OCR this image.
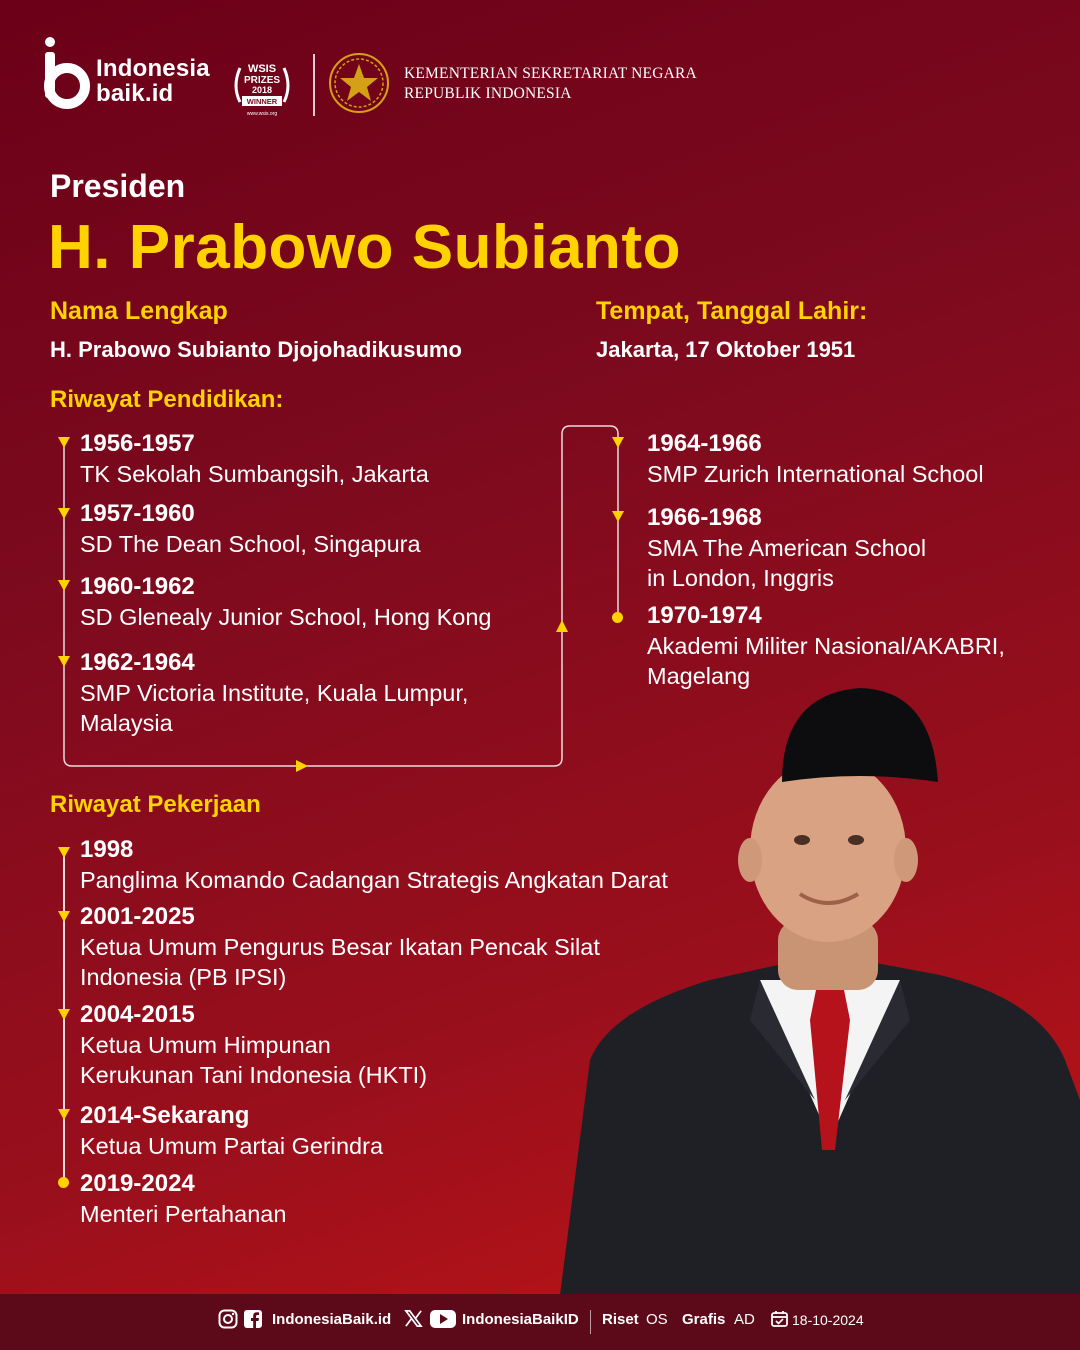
Indonesia
baik.id
WSIS
PRIZES
2018
WINNER
www.wsis.org
KEMENTERIAN SEKRETARIAT NEGARA
REPUBLIK INDONESIA
Presiden
H. Prabowo Subianto
Nama Lengkap
H. Prabowo Subianto Djojohadikusumo
Tempat, Tanggal Lahir:
Jakarta, 17 Oktober 1951
Riwayat Pendidikan:
1956-1957
TK Sekolah Sumbangsih, Jakarta
1957-1960
SD The Dean School, Singapura
1960-1962
SD Glenealy Junior School, Hong Kong
1962-1964
SMP Victoria Institute, Kuala Lumpur,
Malaysia
1964-1966
SMP Zurich International School
1966-1968
SMA The American School
in London, Inggris
1970-1974
Akademi Militer Nasional/AKABRI,
Magelang
Riwayat Pekerjaan
1998
Panglima Komando Cadangan Strategis Angkatan Darat
2001-2025
Ketua Umum Pengurus Besar Ikatan Pencak Silat
Indonesia (PB IPSI)
2004-2015
Ketua Umum Himpunan
Kerukunan Tani Indonesia (HKTI)
2014-Sekarang
Ketua Umum Partai Gerindra
2019-2024
Menteri Pertahanan
IndonesiaBaik.id	IndonesiaBaikID Riset OS Grafis AD	18-10-2024
